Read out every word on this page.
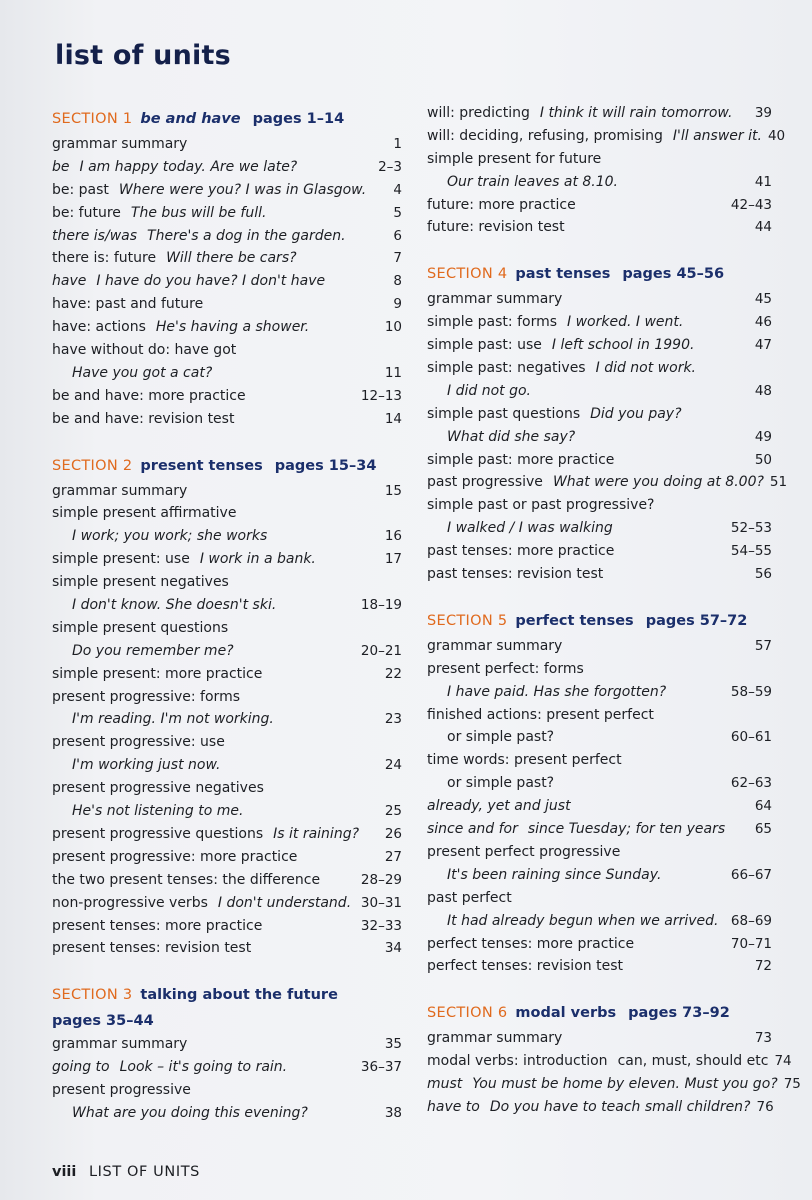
list of units
SECTION 1 be and have pages 1–14
grammar summary	1
be I am happy today. Are we late?	2–3
be: past Where were you? I was in Glasgow.	4
be: future The bus will be full.	5
there is/was There's a dog in the garden.	6
there is: future Will there be cars?	7
have I have do you have? I don't have	8
have: past and future	9
have: actions He's having a shower.	10
have without do: have got
Have you got a cat?	11
be and have: more practice	12–13
be and have: revision test	14
SECTION 2 present tenses pages 15–34
grammar summary	15
simple present affirmative
I work; you work; she works	16
simple present: use I work in a bank.	17
simple present negatives
I don't know. She doesn't ski.	18–19
simple present questions
Do you remember me?	20–21
simple present: more practice	22
present progressive: forms
I'm reading. I'm not working.	23
present progressive: use
I'm working just now.	24
present progressive negatives
He's not listening to me.	25
present progressive questions Is it raining?	26
present progressive: more practice	27
the two present tenses: the difference	28–29
non-progressive verbs I don't understand. 30–31
present tenses: more practice	32–33
present tenses: revision test	34
SECTION 3 talking about the future
pages 35–44
grammar summary	35
going to Look – it's going to rain.	36–37
present progressive
What are you doing this evening?	38
will: predicting I think it will rain tomorrow.	39
will: deciding, refusing, promising I'll answer it. 40
simple present for future
Our train leaves at 8.10.	41
future: more practice	42–43
future: revision test	44
SECTION 4 past tenses pages 45–56
grammar summary	45
simple past: forms I worked. I went.	46
simple past: use I left school in 1990.	47
simple past: negatives I did not work.
I did not go.	48
simple past questions Did you pay?
What did she say?	49
simple past: more practice	50
past progressive What were you doing at 8.00? 51
simple past or past progressive?
I walked / I was walking	52–53
past tenses: more practice	54–55
past tenses: revision test	56
SECTION 5 perfect tenses pages 57–72
grammar summary	57
present perfect: forms
I have paid. Has she forgotten?	58–59
finished actions: present perfect
or simple past?	60–61
time words: present perfect
or simple past?	62–63
already, yet and just	64
since and for since Tuesday; for ten years	65
present perfect progressive
It's been raining since Sunday.	66–67
past perfect
It had already begun when we arrived. 68–69
perfect tenses: more practice	70–71
perfect tenses: revision test	72
SECTION 6 modal verbs pages 73–92
grammar summary	73
modal verbs: introduction can, must, should etc 74
must You must be home by eleven. Must you go? 75
have to Do you have to teach small children? 76
viii LIST OF UNITS
